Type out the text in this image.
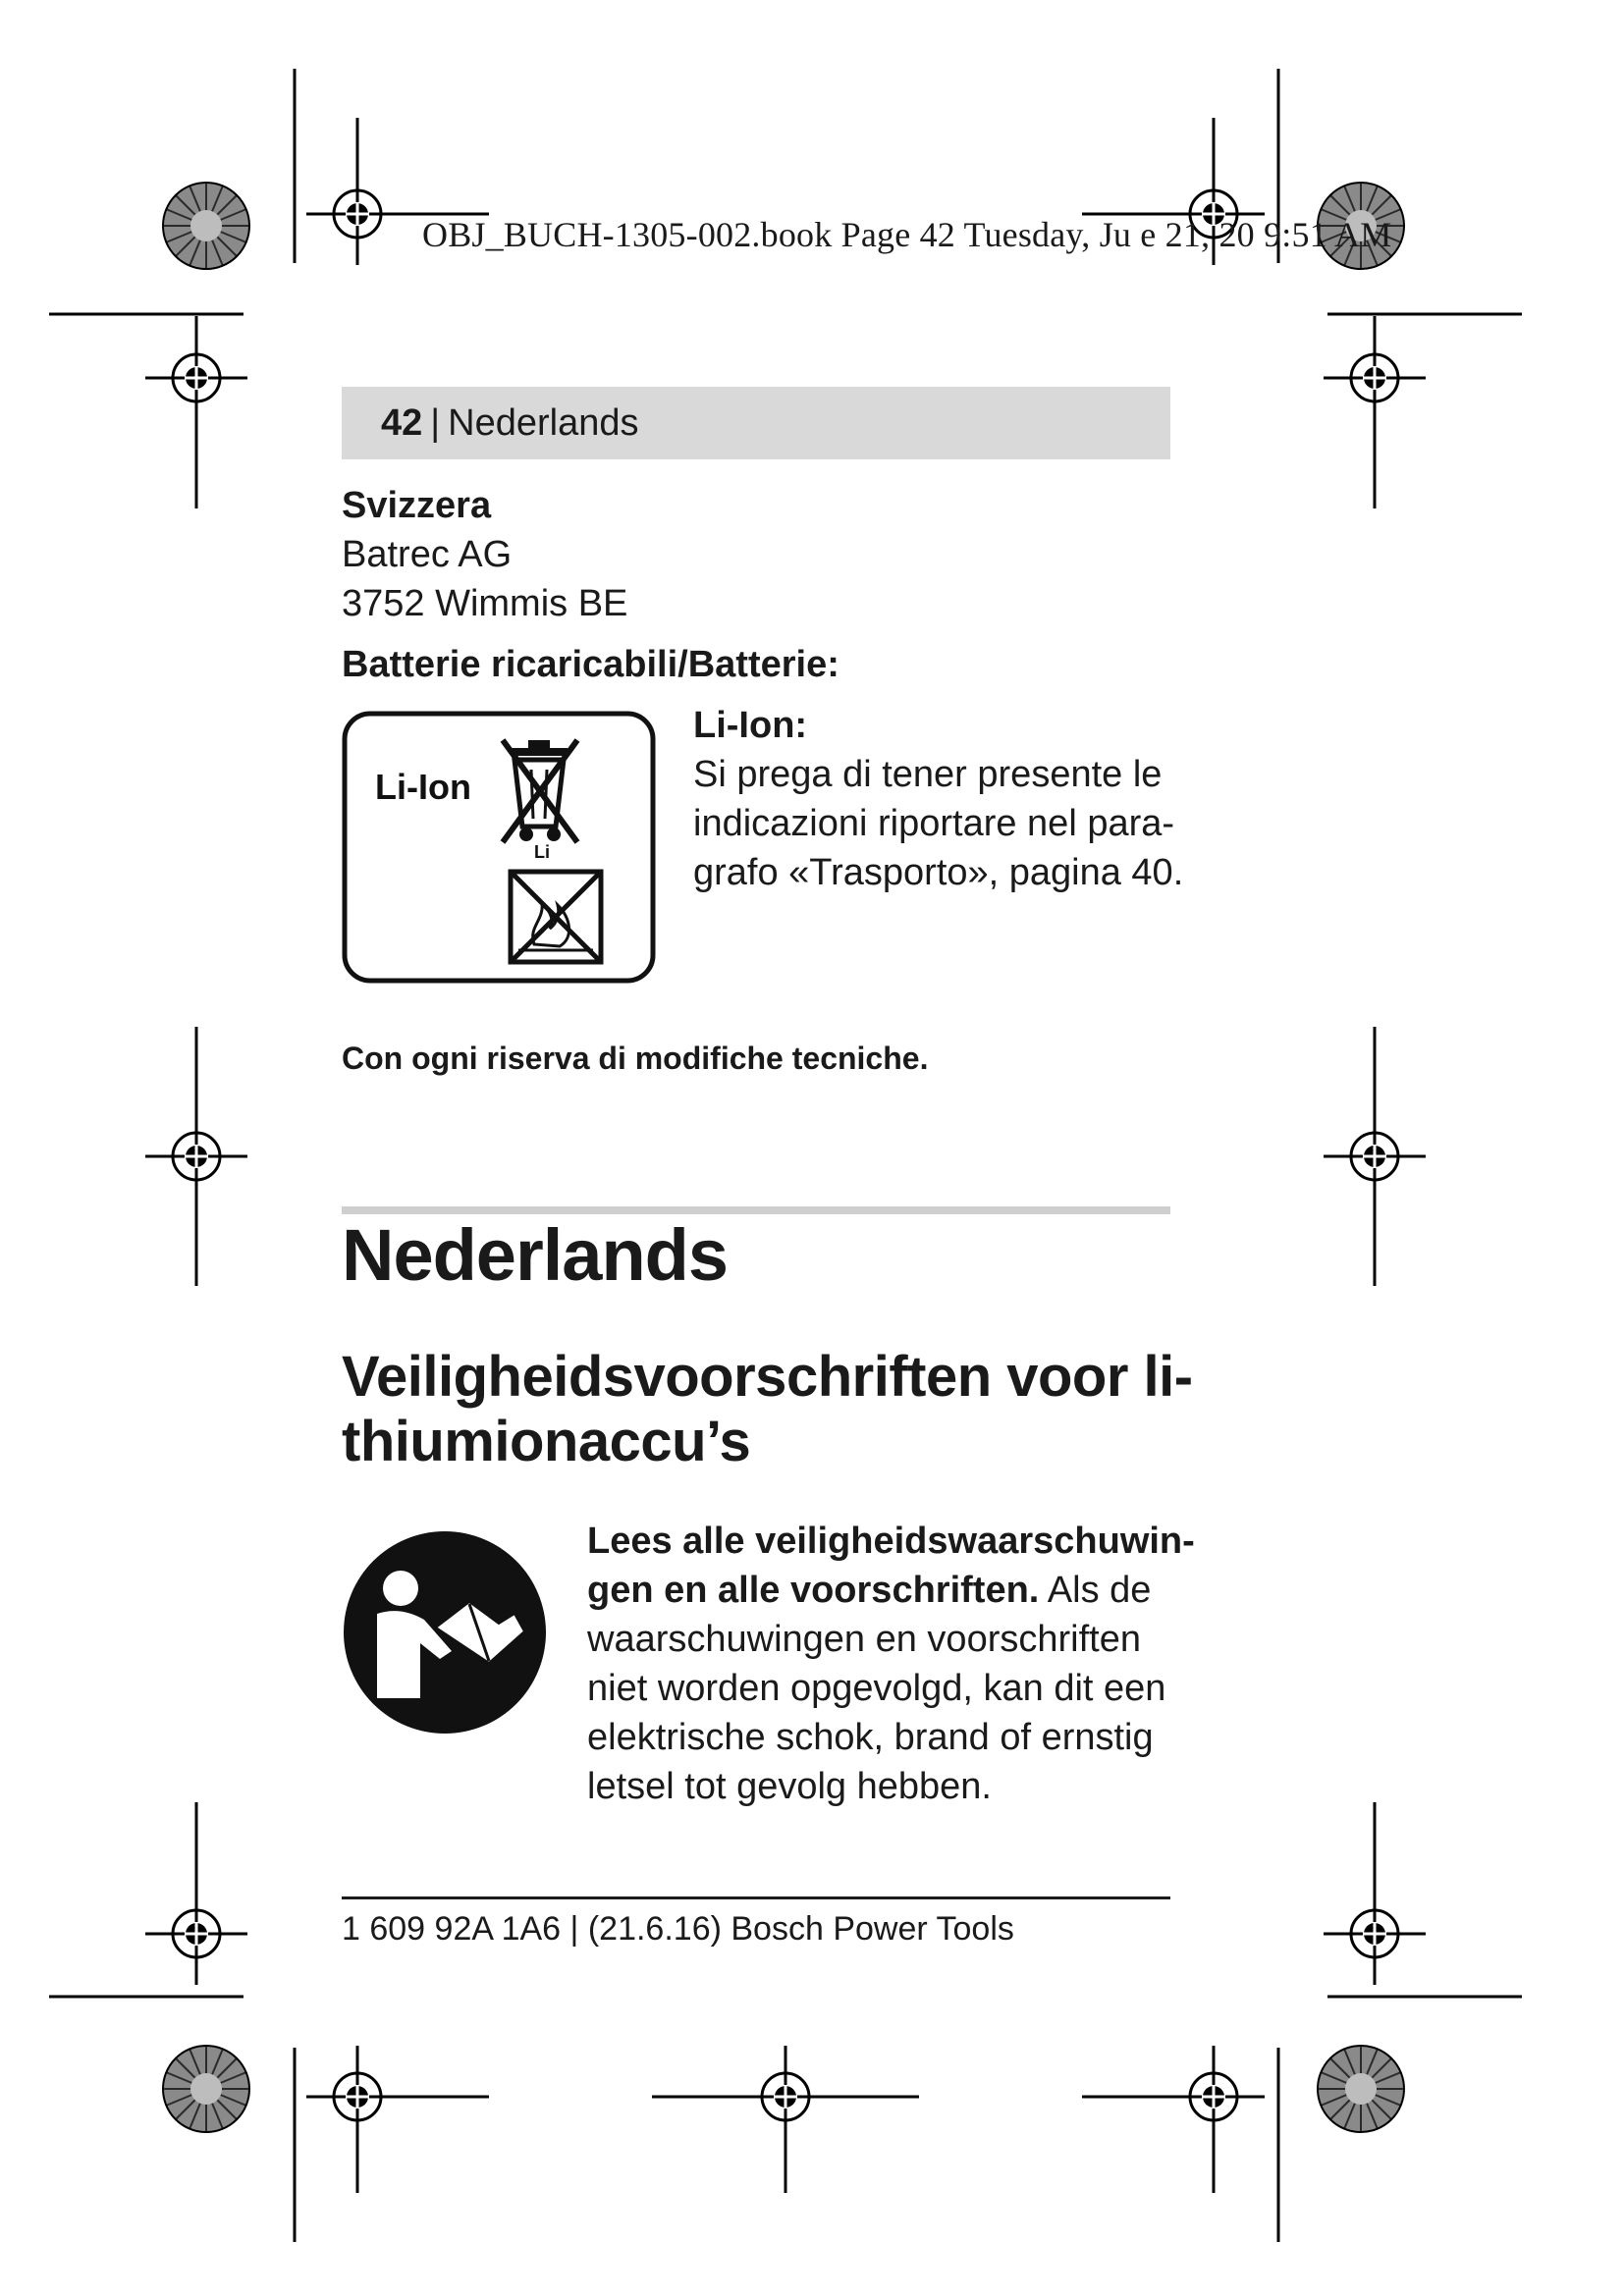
OBJ_BUCH-1305-002.book Page 42 Tuesday, Ju e 21, 20 9:51 AM
42 | Nederlands
Svizzera
Batrec AG
3752 Wimmis BE
Batterie ricaricabili/Batterie:
Li-Ion
Li
Li-Ion:
Si prega di tener presente le
indicazioni riportare nel para-
grafo «Trasporto», pagina 40.
Con ogni riserva di modifiche tecniche.
Nederlands
Veiligheidsvoorschriften voor li-
thiumionaccu’s
Lees alle veiligheidswaarschuwin-
gen en alle voorschriften. Als de
waarschuwingen en voorschriften
niet worden opgevolgd, kan dit een
elektrische schok, brand of ernstig
letsel tot gevolg hebben.
1 609 92A 1A6 | (21.6.16) Bosch Power Tools
